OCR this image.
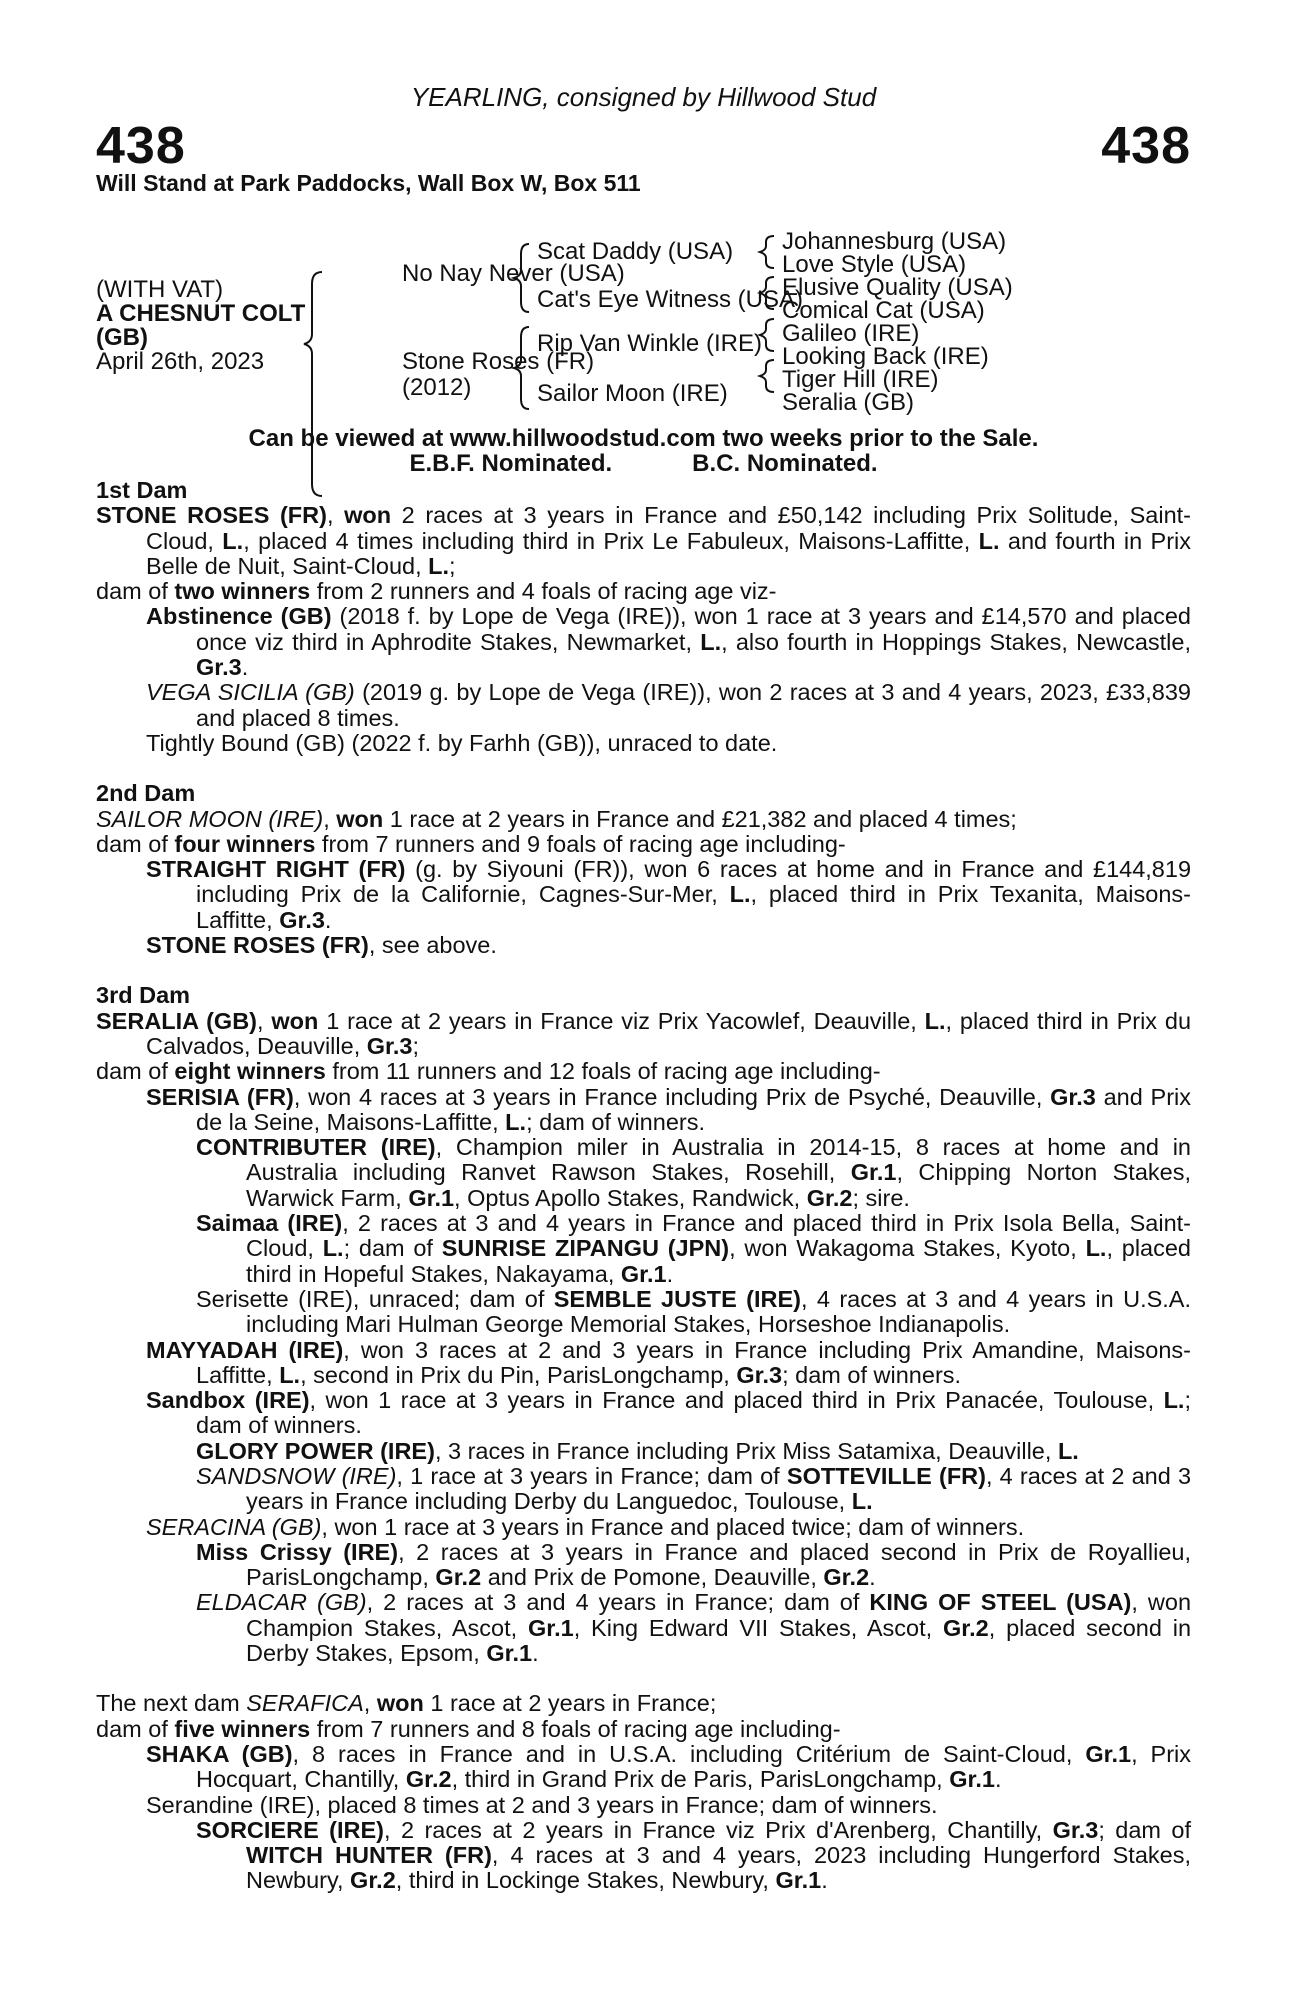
YEARLING, consigned by Hillwood Stud
438	438
Will Stand at Park Paddocks, Wall Box W, Box 511
(WITH VAT)
A CHESNUT COLT
(GB)
April 26th, 2023
No Nay Never (USA)
Stone Roses (FR)
(2012)
Scat Daddy (USA)
Cat's Eye Witness (USA)
Rip Van Winkle (IRE)
Sailor Moon (IRE)
Johannesburg (USA)
Love Style (USA)
Elusive Quality (USA)
Comical Cat (USA)
Galileo (IRE)
Looking Back (IRE)
Tiger Hill (IRE)
Seralia (GB)
Can be viewed at www.hillwoodstud.com two weeks prior to the Sale.
E.B.F. Nominated.	B.C. Nominated.
1st Dam

STONE ROSES (FR), won 2 races at 3 years in France and £50,142 including Prix Solitude, Saint-Cloud, L., placed 4 times including third in Prix Le Fabuleux, Maisons-Laffitte, L. and fourth in Prix Belle de Nuit, Saint-Cloud, L.;

dam of two winners from 2 runners and 4 foals of racing age viz-

Abstinence (GB) (2018 f. by Lope de Vega (IRE)), won 1 race at 3 years and £14,570 and placed once viz third in Aphrodite Stakes, Newmarket, L., also fourth in Hoppings Stakes, Newcastle, Gr.3.

VEGA SICILIA (GB) (2019 g. by Lope de Vega (IRE)), won 2 races at 3 and 4 years, 2023, £33,839 and placed 8 times.

Tightly Bound (GB) (2022 f. by Farhh (GB)), unraced to date.

2nd Dam

SAILOR MOON (IRE), won 1 race at 2 years in France and £21,382 and placed 4 times;

dam of four winners from 7 runners and 9 foals of racing age including-

STRAIGHT RIGHT (FR) (g. by Siyouni (FR)), won 6 races at home and in France and £144,819 including Prix de la Californie, Cagnes-Sur-Mer, L., placed third in Prix Texanita, Maisons-Laffitte, Gr.3.

STONE ROSES (FR), see above.

3rd Dam

SERALIA (GB), won 1 race at 2 years in France viz Prix Yacowlef, Deauville, L., placed third in Prix du Calvados, Deauville, Gr.3;

dam of eight winners from 11 runners and 12 foals of racing age including-

SERISIA (FR), won 4 races at 3 years in France including Prix de Psyché, Deauville, Gr.3 and Prix de la Seine, Maisons-Laffitte, L.; dam of winners.

CONTRIBUTER (IRE), Champion miler in Australia in 2014-15, 8 races at home and in Australia including Ranvet Rawson Stakes, Rosehill, Gr.1, Chipping Norton Stakes, Warwick Farm, Gr.1, Optus Apollo Stakes, Randwick, Gr.2; sire.

Saimaa (IRE), 2 races at 3 and 4 years in France and placed third in Prix Isola Bella, Saint-Cloud, L.; dam of SUNRISE ZIPANGU (JPN), won Wakagoma Stakes, Kyoto, L., placed third in Hopeful Stakes, Nakayama, Gr.1.

Serisette (IRE), unraced; dam of SEMBLE JUSTE (IRE), 4 races at 3 and 4 years in U.S.A. including Mari Hulman George Memorial Stakes, Horseshoe Indianapolis.

MAYYADAH (IRE), won 3 races at 2 and 3 years in France including Prix Amandine, Maisons-Laffitte, L., second in Prix du Pin, ParisLongchamp, Gr.3; dam of winners.

Sandbox (IRE), won 1 race at 3 years in France and placed third in Prix Panacée, Toulouse, L.; dam of winners.

GLORY POWER (IRE), 3 races in France including Prix Miss Satamixa, Deauville, L.

SANDSNOW (IRE), 1 race at 3 years in France; dam of SOTTEVILLE (FR), 4 races at 2 and 3 years in France including Derby du Languedoc, Toulouse, L.

SERACINA (GB), won 1 race at 3 years in France and placed twice; dam of winners.

Miss Crissy (IRE), 2 races at 3 years in France and placed second in Prix de Royallieu, ParisLongchamp, Gr.2 and Prix de Pomone, Deauville, Gr.2.

ELDACAR (GB), 2 races at 3 and 4 years in France; dam of KING OF STEEL (USA), won Champion Stakes, Ascot, Gr.1, King Edward VII Stakes, Ascot, Gr.2, placed second in Derby Stakes, Epsom, Gr.1.

The next dam SERAFICA, won 1 race at 2 years in France;

dam of five winners from 7 runners and 8 foals of racing age including-

SHAKA (GB), 8 races in France and in U.S.A. including Critérium de Saint-Cloud, Gr.1, Prix Hocquart, Chantilly, Gr.2, third in Grand Prix de Paris, ParisLongchamp, Gr.1.

Serandine (IRE), placed 8 times at 2 and 3 years in France; dam of winners.

SORCIERE (IRE), 2 races at 2 years in France viz Prix d'Arenberg, Chantilly, Gr.3; dam of WITCH HUNTER (FR), 4 races at 3 and 4 years, 2023 including Hungerford Stakes, Newbury, Gr.2, third in Lockinge Stakes, Newbury, Gr.1.
